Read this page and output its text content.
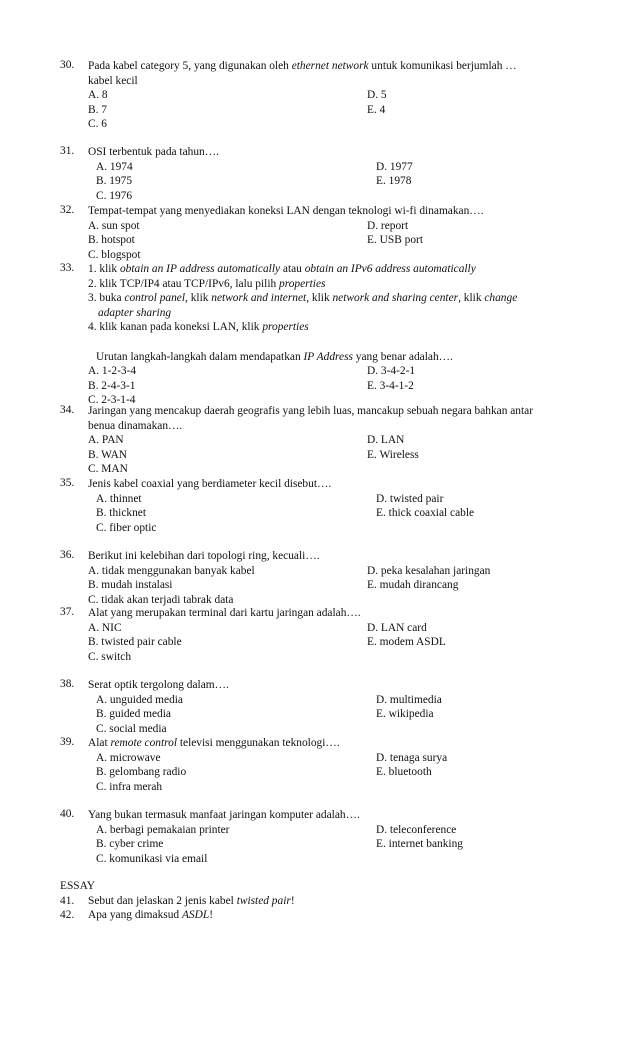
30.	Pada kabel category 5, yang digunakan oleh ethernet network untuk komunikasi berjumlah …
kabel kecil
A. 8	D. 5
B. 7	E. 4
C. 6
31.	OSI terbentuk pada tahun….
A. 1974	D. 1977
B. 1975	E. 1978
C. 1976
32.	Tempat-tempat yang menyediakan koneksi LAN dengan teknologi wi-fi dinamakan….
A. sun spot	D. report
B. hotspot	E. USB port
C. blogspot
33.	1. klik obtain an IP address automatically atau obtain an IPv6 address automatically
2. klik TCP/IP4 atau TCP/IPv6, lalu pilih properties
3. buka control panel, klik network and internet, klik network and sharing center, klik change
adapter sharing
4. klik kanan pada koneksi LAN, klik properties
Urutan langkah-langkah dalam mendapatkan IP Address yang benar adalah….
A. 1-2-3-4	D. 3-4-2-1
B. 2-4-3-1	E. 3-4-1-2
C. 2-3-1-4
34.	Jaringan yang mencakup daerah geografis yang lebih luas, mancakup sebuah negara bahkan antar
benua dinamakan….
A. PAN	D. LAN
B. WAN	E. Wireless
C. MAN
35.	Jenis kabel coaxial yang berdiameter kecil disebut….
A. thinnet	D. twisted pair
B. thicknet	E. thick coaxial cable
C. fiber optic
36.	Berikut ini kelebihan dari topologi ring, kecuali….
A. tidak menggunakan banyak kabel	D. peka kesalahan jaringan
B. mudah instalasi	E. mudah dirancang
C. tidak akan terjadi tabrak data
37.	Alat yang merupakan terminal dari kartu jaringan adalah….
A. NIC	D. LAN card
B. twisted pair cable	E. modem ASDL
C. switch
38.	Serat optik tergolong dalam….
A. unguided media	D. multimedia
B. guided media	E. wikipedia
C. social media
39.	Alat remote control televisi menggunakan teknologi….
A. microwave	D. tenaga surya
B. gelombang radio	E. bluetooth
C. infra merah
40.	Yang bukan termasuk manfaat jaringan komputer adalah….
A. berbagi pemakaian printer	D. teleconference
B. cyber crime	E. internet banking
C. komunikasi via email
ESSAY
41. Sebut dan jelaskan 2 jenis kabel twisted pair!
42. Apa yang dimaksud ASDL!
